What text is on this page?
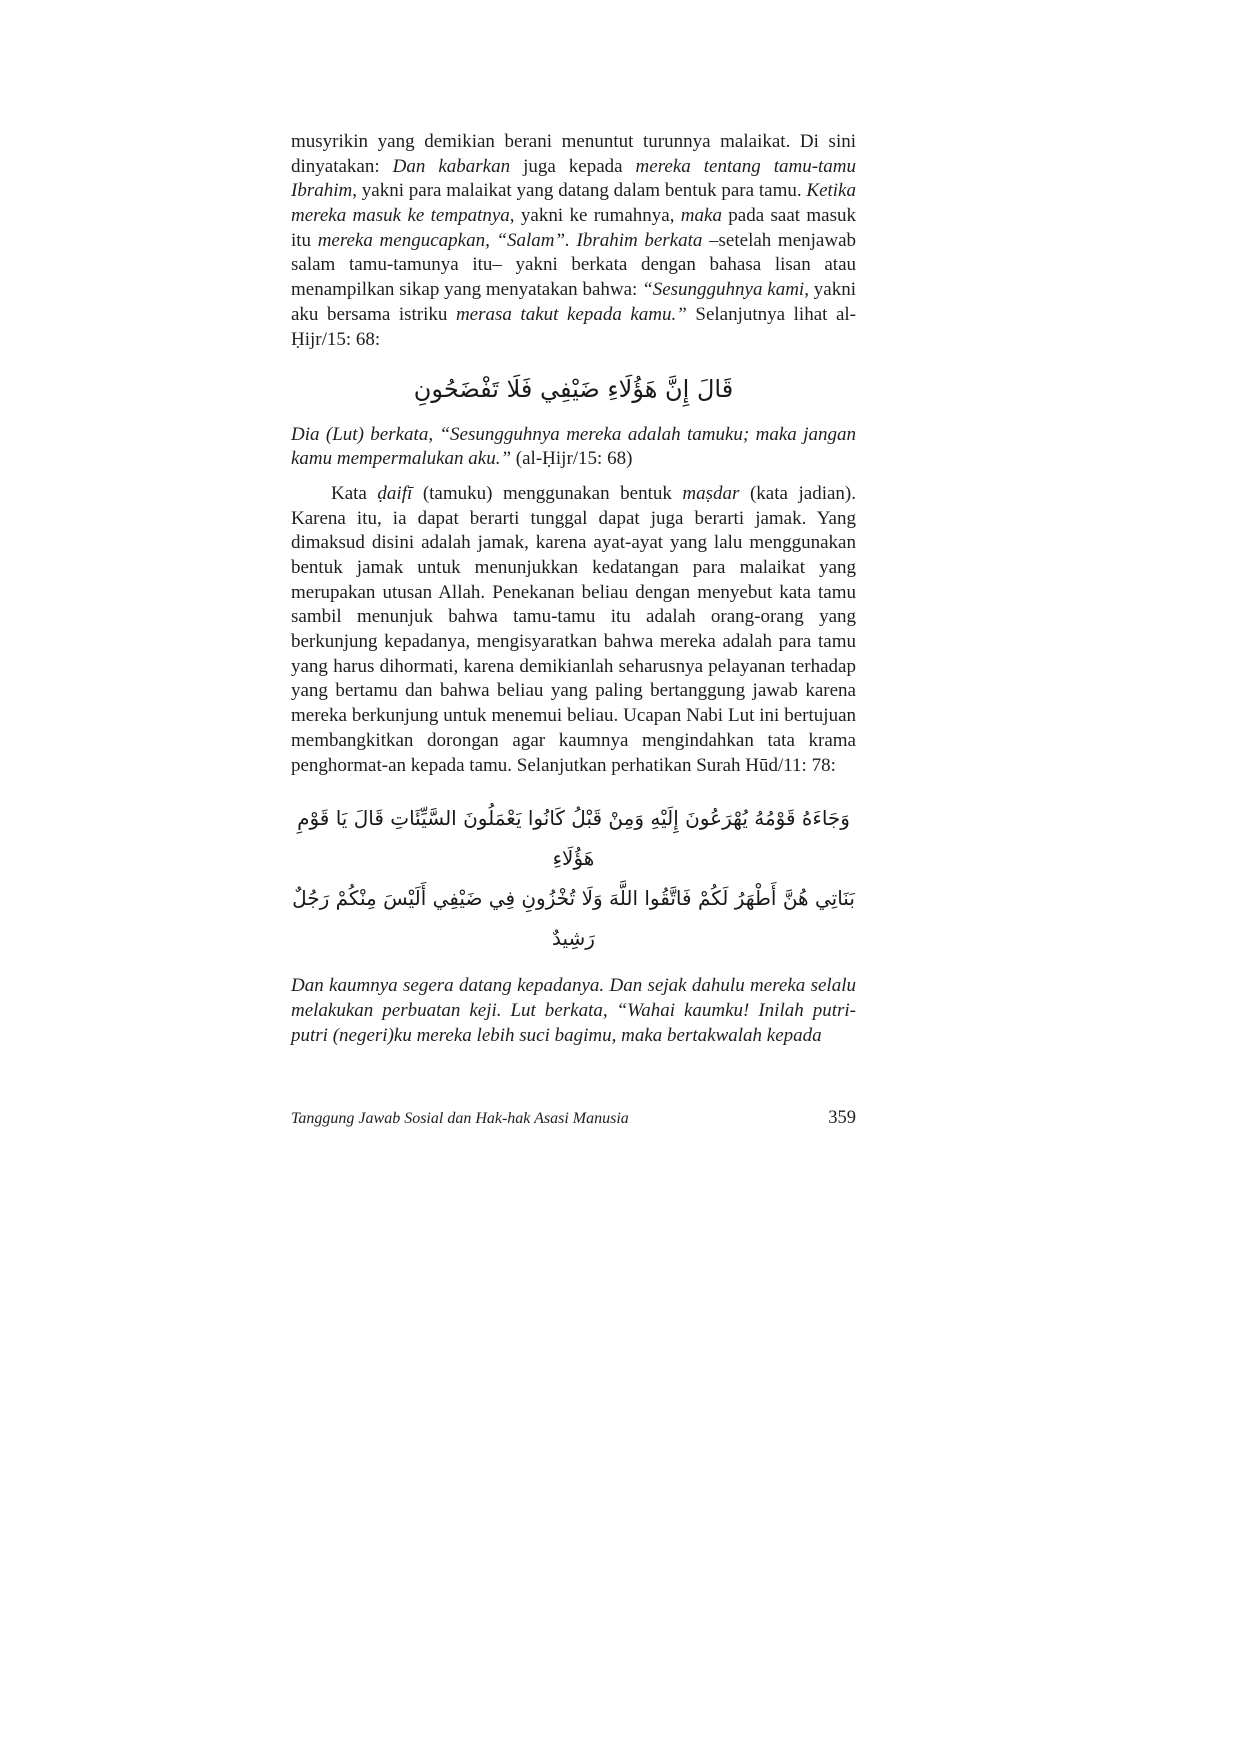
musyrikin yang demikian berani menuntut turunnya malaikat. Di sini dinyatakan: Dan kabarkan juga kepada mereka tentang tamu-tamu Ibrahim, yakni para malaikat yang datang dalam bentuk para tamu. Ketika mereka masuk ke tempatnya, yakni ke rumahnya, maka pada saat masuk itu mereka mengucapkan, “Salam”. Ibrahim berkata –setelah menjawab salam tamu-tamunya itu– yakni berkata dengan bahasa lisan atau menampilkan sikap yang menyatakan bahwa: “Sesungguhnya kami, yakni aku bersama istriku merasa takut kepada kamu.” Selanjutnya lihat al-Ḥijr/15: 68:

قَالَ إِنَّ هَؤُلَاءِ ضَيْفِي فَلَا تَفْضَحُونِ

Dia (Lut) berkata, “Sesungguhnya mereka adalah tamuku; maka jangan kamu mempermalukan aku.” (al-Ḥijr/15: 68)

Kata ḍaifī (tamuku) menggunakan bentuk maṣdar (kata jadian). Karena itu, ia dapat berarti tunggal dapat juga berarti jamak. Yang dimaksud disini adalah jamak, karena ayat-ayat yang lalu menggunakan bentuk jamak untuk menunjukkan kedatangan para malaikat yang merupakan utusan Allah. Penekanan beliau dengan menyebut kata tamu sambil menunjuk bahwa tamu-tamu itu adalah orang-orang yang berkunjung kepadanya, mengisyaratkan bahwa mereka adalah para tamu yang harus dihormati, karena demikianlah seharusnya pelayanan terhadap yang bertamu dan bahwa beliau yang paling bertanggung jawab karena mereka berkunjung untuk menemui beliau. Ucapan Nabi Lut ini bertujuan membangkitkan dorongan agar kaumnya mengindahkan tata krama penghormat-an kepada tamu. Selanjutkan perhatikan Surah Hūd/11: 78:

وَجَاءَهُ قَوْمُهُ يُهْرَعُونَ إِلَيْهِ وَمِنْ قَبْلُ كَانُوا يَعْمَلُونَ السَّيِّئَاتِ قَالَ يَا قَوْمِ هَؤُلَاءِ
بَنَاتِي هُنَّ أَطْهَرُ لَكُمْ فَاتَّقُوا اللَّهَ وَلَا تُخْزُونِ فِي ضَيْفِي أَلَيْسَ مِنْكُمْ رَجُلٌ رَشِيدٌ

Dan kaumnya segera datang kepadanya. Dan sejak dahulu mereka selalu melakukan perbuatan keji. Lut berkata, “Wahai kaumku! Inilah putri-putri (negeri)ku mereka lebih suci bagimu, maka bertakwalah kepada

Tanggung Jawab Sosial dan Hak-hak Asasi Manusia	359
